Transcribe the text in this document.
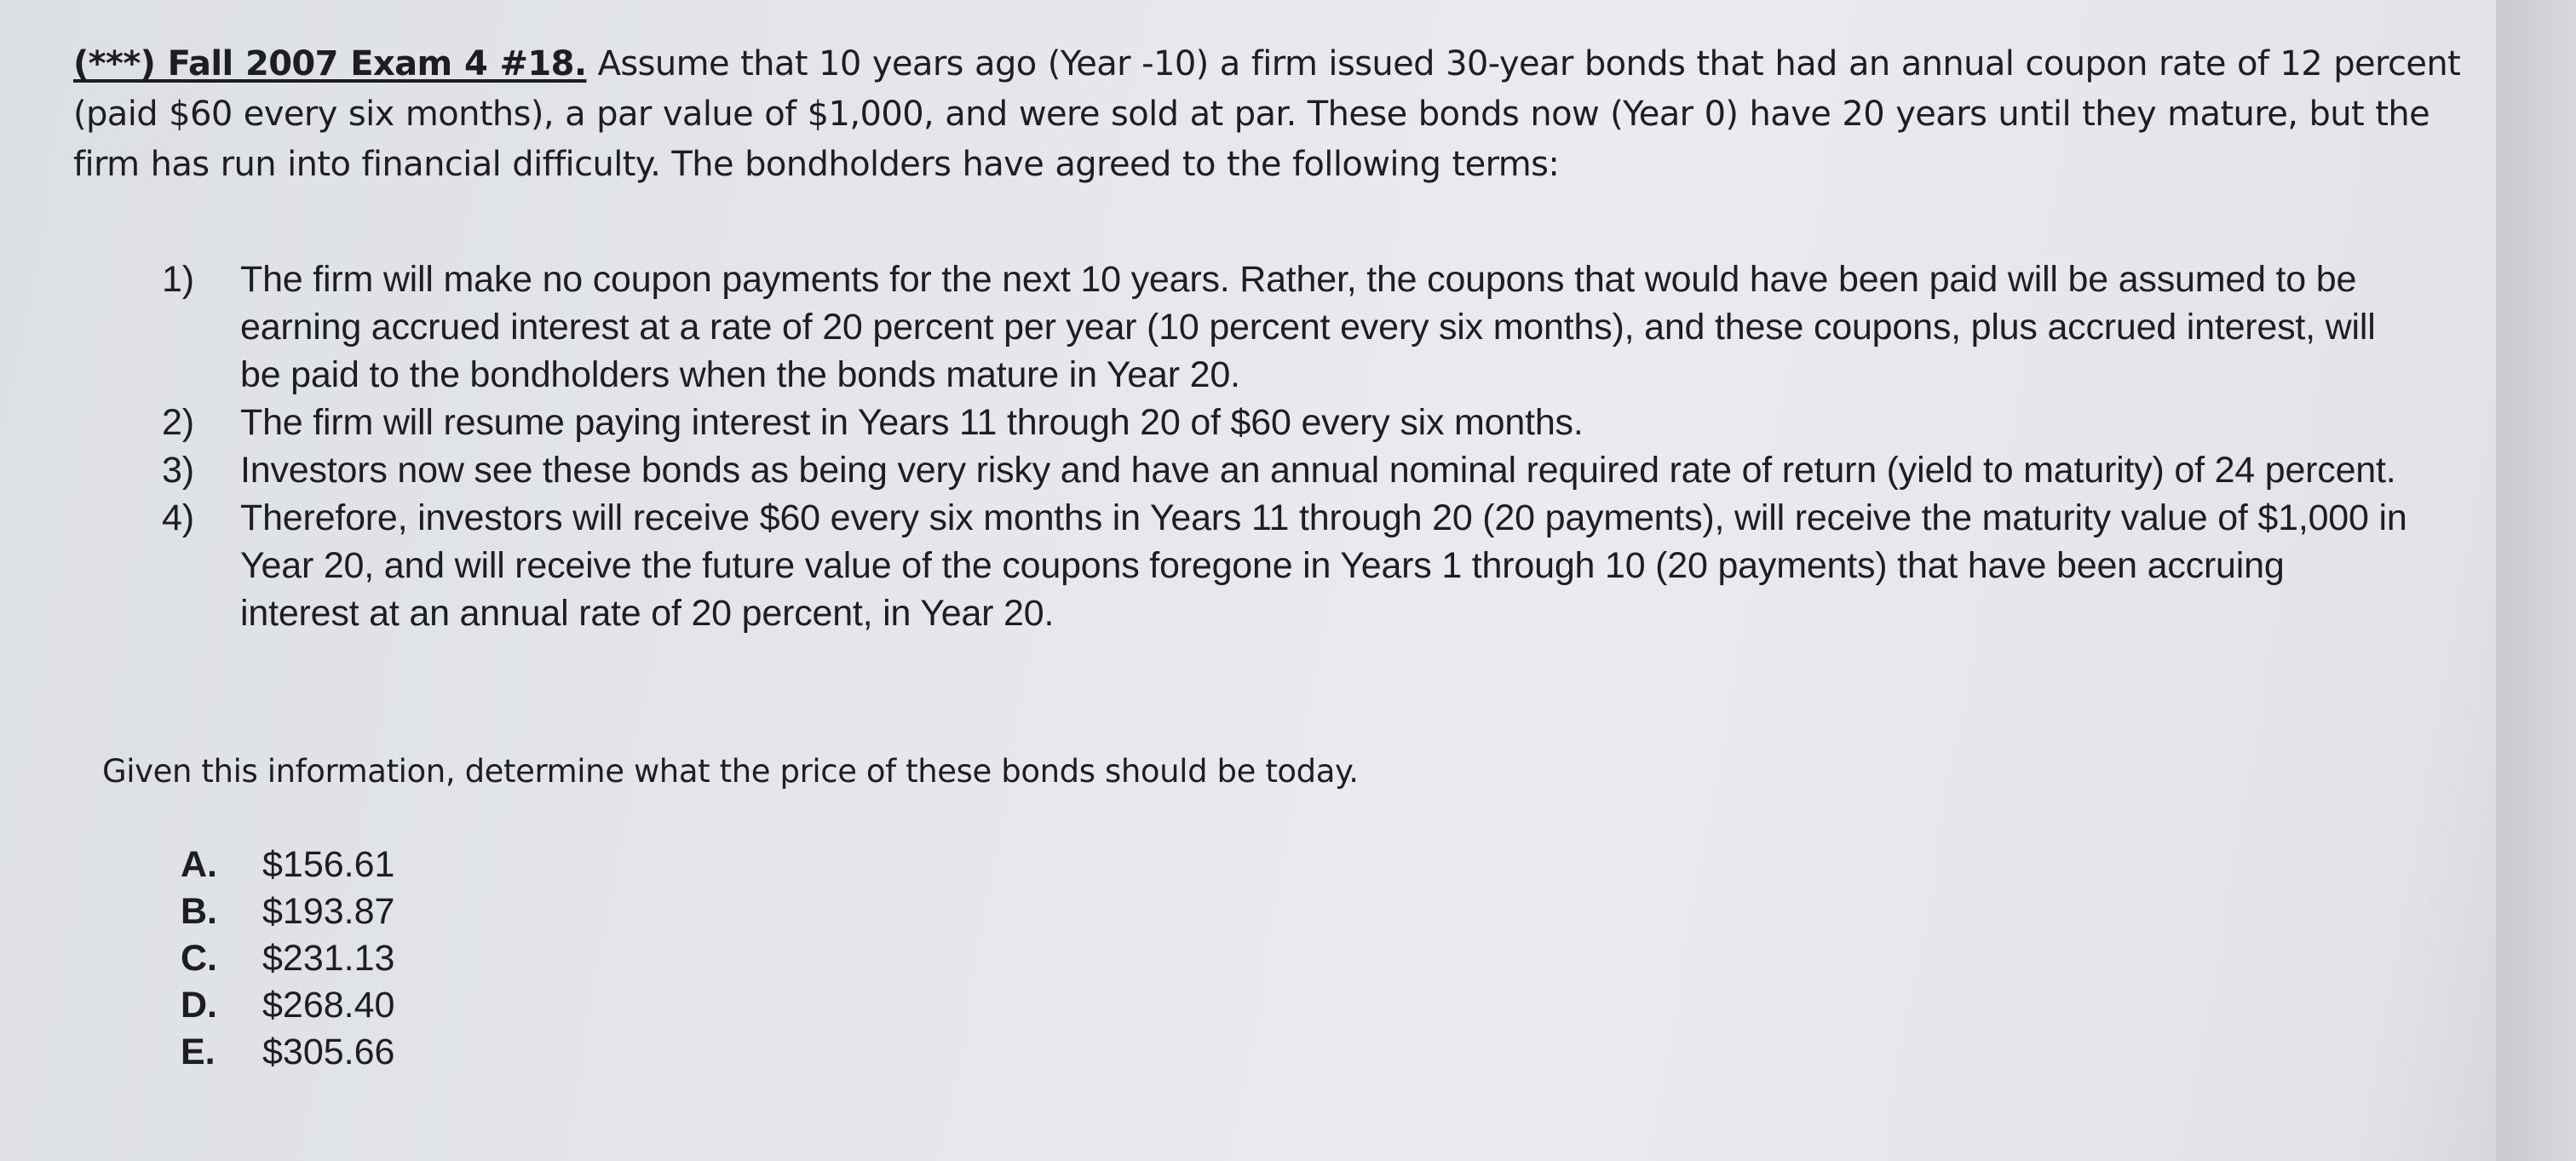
(***) Fall 2007 Exam 4 #18. Assume that 10 years ago (Year -10) a firm issued 30-year bonds that had an annual coupon rate of 12 percent (paid $60 every six months), a par value of $1,000, and were sold at par. These bonds now (Year 0) have 20 years until they mature, but the firm has run into financial difficulty. The bondholders have agreed to the following terms:
1)	The firm will make no coupon payments for the next 10 years. Rather, the coupons that would have been paid will be assumed to be earning accrued interest at a rate of 20 percent per year (10 percent every six months), and these coupons, plus accrued interest, will be paid to the bondholders when the bonds mature in Year 20.
2)	The firm will resume paying interest in Years 11 through 20 of $60 every six months.
3)	Investors now see these bonds as being very risky and have an annual nominal required rate of return (yield to maturity) of 24 percent.
4)	Therefore, investors will receive $60 every six months in Years 11 through 20 (20 payments), will receive the maturity value of $1,000 in Year 20, and will receive the future value of the coupons foregone in Years 1 through 10 (20 payments) that have been accruing interest at an annual rate of 20 percent, in Year 20.
Given this information, determine what the price of these bonds should be today.
A.	$156.61
B.	$193.87
C.	$231.13
D.	$268.40
E.	$305.66
